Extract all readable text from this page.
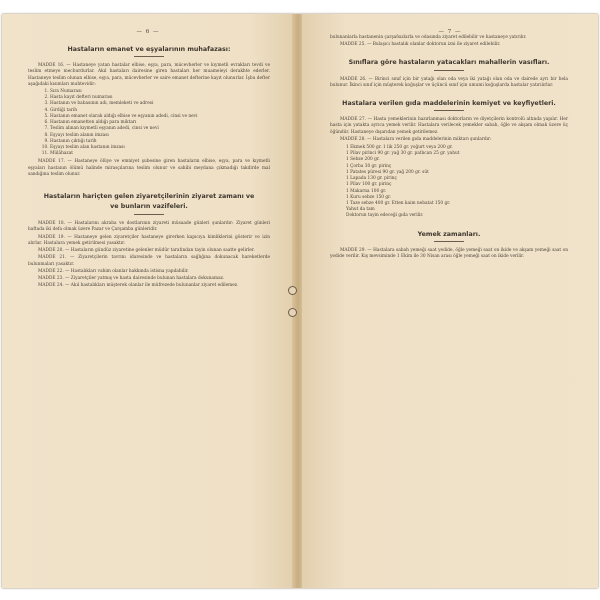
— 6 —
Hastaların emanet ve eşyalarının muhafazası:

MADDE 16. — Hastaneye yatan hastalar elbise, eşya, para, mücevherler ve kıymetli evrakları tevdi ve teslim etmeye mecburdurlar. Akıl hastaları dairesine giren hastaları her muameleyi derakhte ederler. Hastaneye teslim olunan elbise, eşya, para, mücevherler ve saire emanet defterine kayıt olunurlar. İşbu defter aşağıdaki kısımları muhtevidir:

1. Sıra Numarası
2. Hasta kayıt defteri numarası
3. Hastanın ve babasının adı, memleketi ve adresi
4. Girdiği tarih
5. Hastanın emanet olarak aldığı elbise ve eşyanın adedi, cinsi ve nevi
6. Hastanın emanetten aldığı para miktarı
7. Teslim alınan kıymetli eşyanın adedi, cinsi ve nevi
8. Eşyayı teslim alanın imzası
9. Hastanın çıktığı tarih
10. Eşyayı teslim alan hastanın imzası
11. Mülâhazat

MADDE 17. — Hastaneye ölüye ve emniyet şubesine giren hastaların elbise, eşya, para ve kıymetli eşyaları hastanın ölümü halinde mirasçılarına teslim olunur ve sahibi meydana çıkmadığı takdirde mal sandığına teslim olunur.

Hastaların hariçten gelen ziyaretçilerinin ziyaret zamanı ve
ve bunların vazifeleri.

MADDE 18. — Hastalarını akraba ve dostlarının ziyareti müsaade günleri şunlardır: Ziyaret günleri haftada iki defa olmak üzere Pazar ve Çarşamba günleridir.

MADDE 19. — Hastaneye gelen ziyaretçiler hastaneye girerken kapıcıya kimliklerini gösterir ve izin alırlar. Hastalara yemek getirilmesi yasaktır.

MADDE 20. — Hastaların gündüz ziyaretine gelenler müdür tarafından tayin olunan saatte gelirler.

MADDE 21. — Ziyaretçilerin tavrını idaresinde ve hastaların sağlığına dokunacak hareketlerde bulunmaları yasaktır.

MADDE 22. — Hastalıkları vahim olanlar hakkında istisna yapılabilir.

MADDE 23. — Ziyaretçiler yatmış ve hasta dairesinde bulunan hastalara dokunamaz.

MADDE 24. — Akıl hastalıkları müşterek olanlar ile müfrezede bulunanlar ziyaret edilemez.

— 7 —

bulunanlarla hastanenin çarşafsızlarla ve odasında ziyaret edilebilir ve hastaneye yatırılır.

MADDE 25. — Bulaşıcı hastalık olanlar doktorun izni ile ziyaret edilebilir.

Sınıflara göre hastaların yatacakları mahallerin vasıfları.

MADDE 26. — Birinci sınıf için bir yatağı olan oda veya iki yatağı olan oda ve dairede ayrı bir hela bulunur. İkinci sınıf için müşterek koğuşlar ve üçüncü sınıf için umumi koğuşlarda hastalar yatırılırlar.

Hastalara verilen gıda maddelerinin kemiyet ve keyfiyetleri.

MADDE 27. — Hasta yemeklerinin hazırlanması doktorların ve diyetçilerin kontrolü altında yapılır. Her hasta için yatakta ayrıca yemek verilir. Hastalara verilecek yemekler sabah, öğle ve akşam olmak üzere üç öğündür. Hastaneye dışarıdan yemek getirilemez.

MADDE 28. — Hastalara verilen gıda maddelerinin miktarı şunlardır:

1 Ekmek 500 gr. 1 lik 250 gr. yoğurt veya 200 gr.
1 Pilav pirinci 90 gr. yağ 30 gr. patlıcan 25 gr. yahut
1 Sebze 200 gr.
1 Çorba 30 gr. pirinç
1 Patates püresi 90 gr. yağ 200 gr. süt
1 Lapada 130 gr. pirinç
1 Pilav 100 gr. pirinç
1 Makarna 100 gr.
1 Kuru sebze 150 gr.
1 Taze sebze 400 gr. Etten kaim nebatat 150 gr.
Yahut da tam
Doktorun tayin edeceği gıda verilir.
Yemek zamanları.

MADDE 29. — Hastalara sabah yemeği saat yedide, öğle yemeği saat on ikide ve akşam yemeği saat on yedide verilir. Kış mevsiminde 1 Ekim ile 30 Nisan arası öğle yemeği saat on ikide verilir.
